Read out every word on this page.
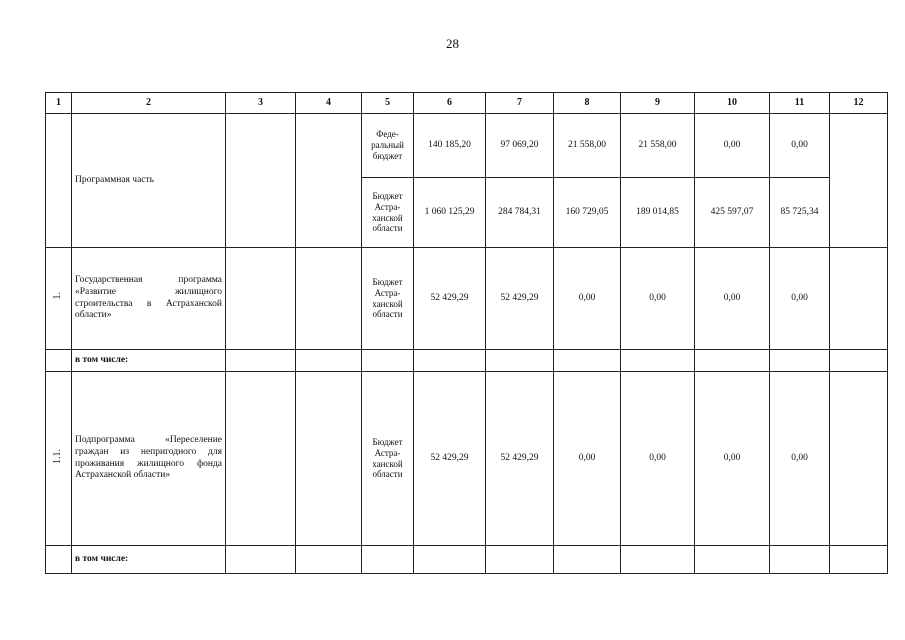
28
1	2	3	4	5	6	7	8	9	10	11	12
	Программная часть			Феде-ральный бюджет	140 185,20	97 069,20	21 558,00	21 558,00	0,00	0,00	
				Бюджет Астра-ханской области	1 060 125,29	284 784,31	160 729,05	189 014,85	425 597,07	85 725,34	
1.	Государственная программа «Развитие жилищного строительства в Астраханской области»			Бюджет Астра-ханской области	52 429,29	52 429,29	0,00	0,00	0,00	0,00	
	в том числе:										
1.1.	Подпрограмма «Переселение граждан из непригодного для проживания жилищного фонда Астраханской области»			Бюджет Астра-ханской области	52 429,29	52 429,29	0,00	0,00	0,00	0,00	
	в том числе:										
